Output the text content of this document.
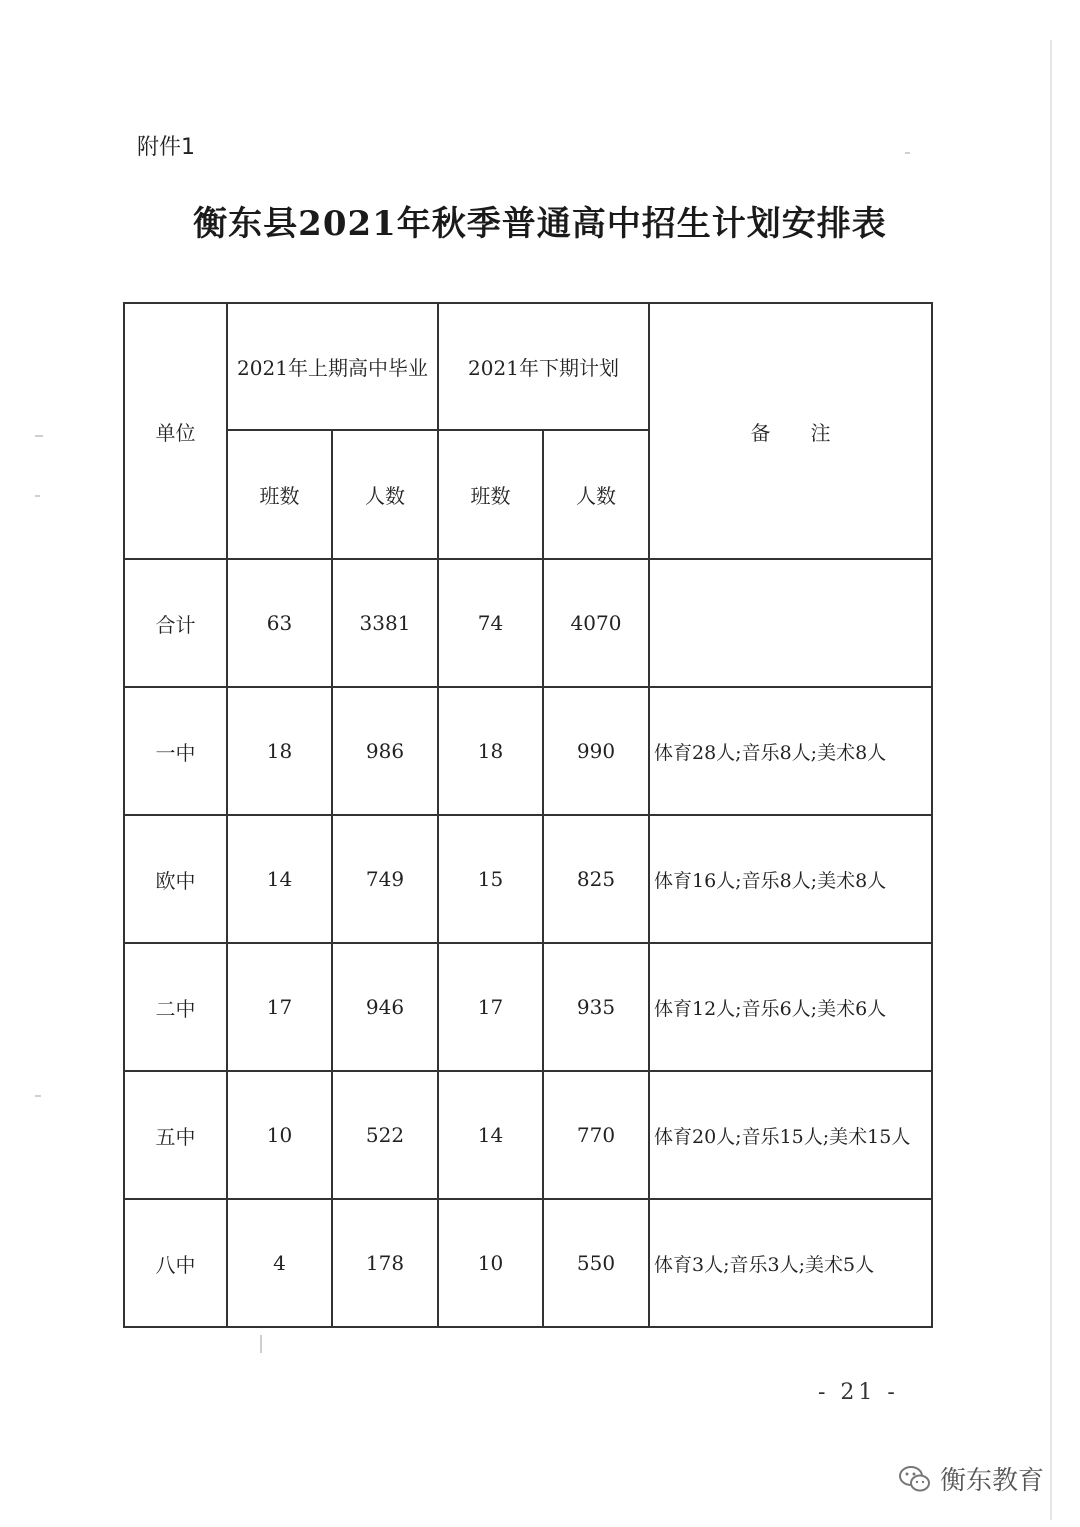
附件1
衡东县2021年秋季普通高中招生计划安排表
单位	2021年上期高中毕业		2021年下期计划		备注
	班数	人数	班数	人数	
合计	63	3381	74	4070	
一中	18	986	18	990	体育28人;音乐8人;美术8人
欧中	14	749	15	825	体育16人;音乐8人;美术8人
二中	17	946	17	935	体育12人;音乐6人;美术6人
五中	10	522	14	770	体育20人;音乐15人;美术15人
八中	4	178	10	550	体育3人;音乐3人;美术5人
- 21 -
衡东教育
